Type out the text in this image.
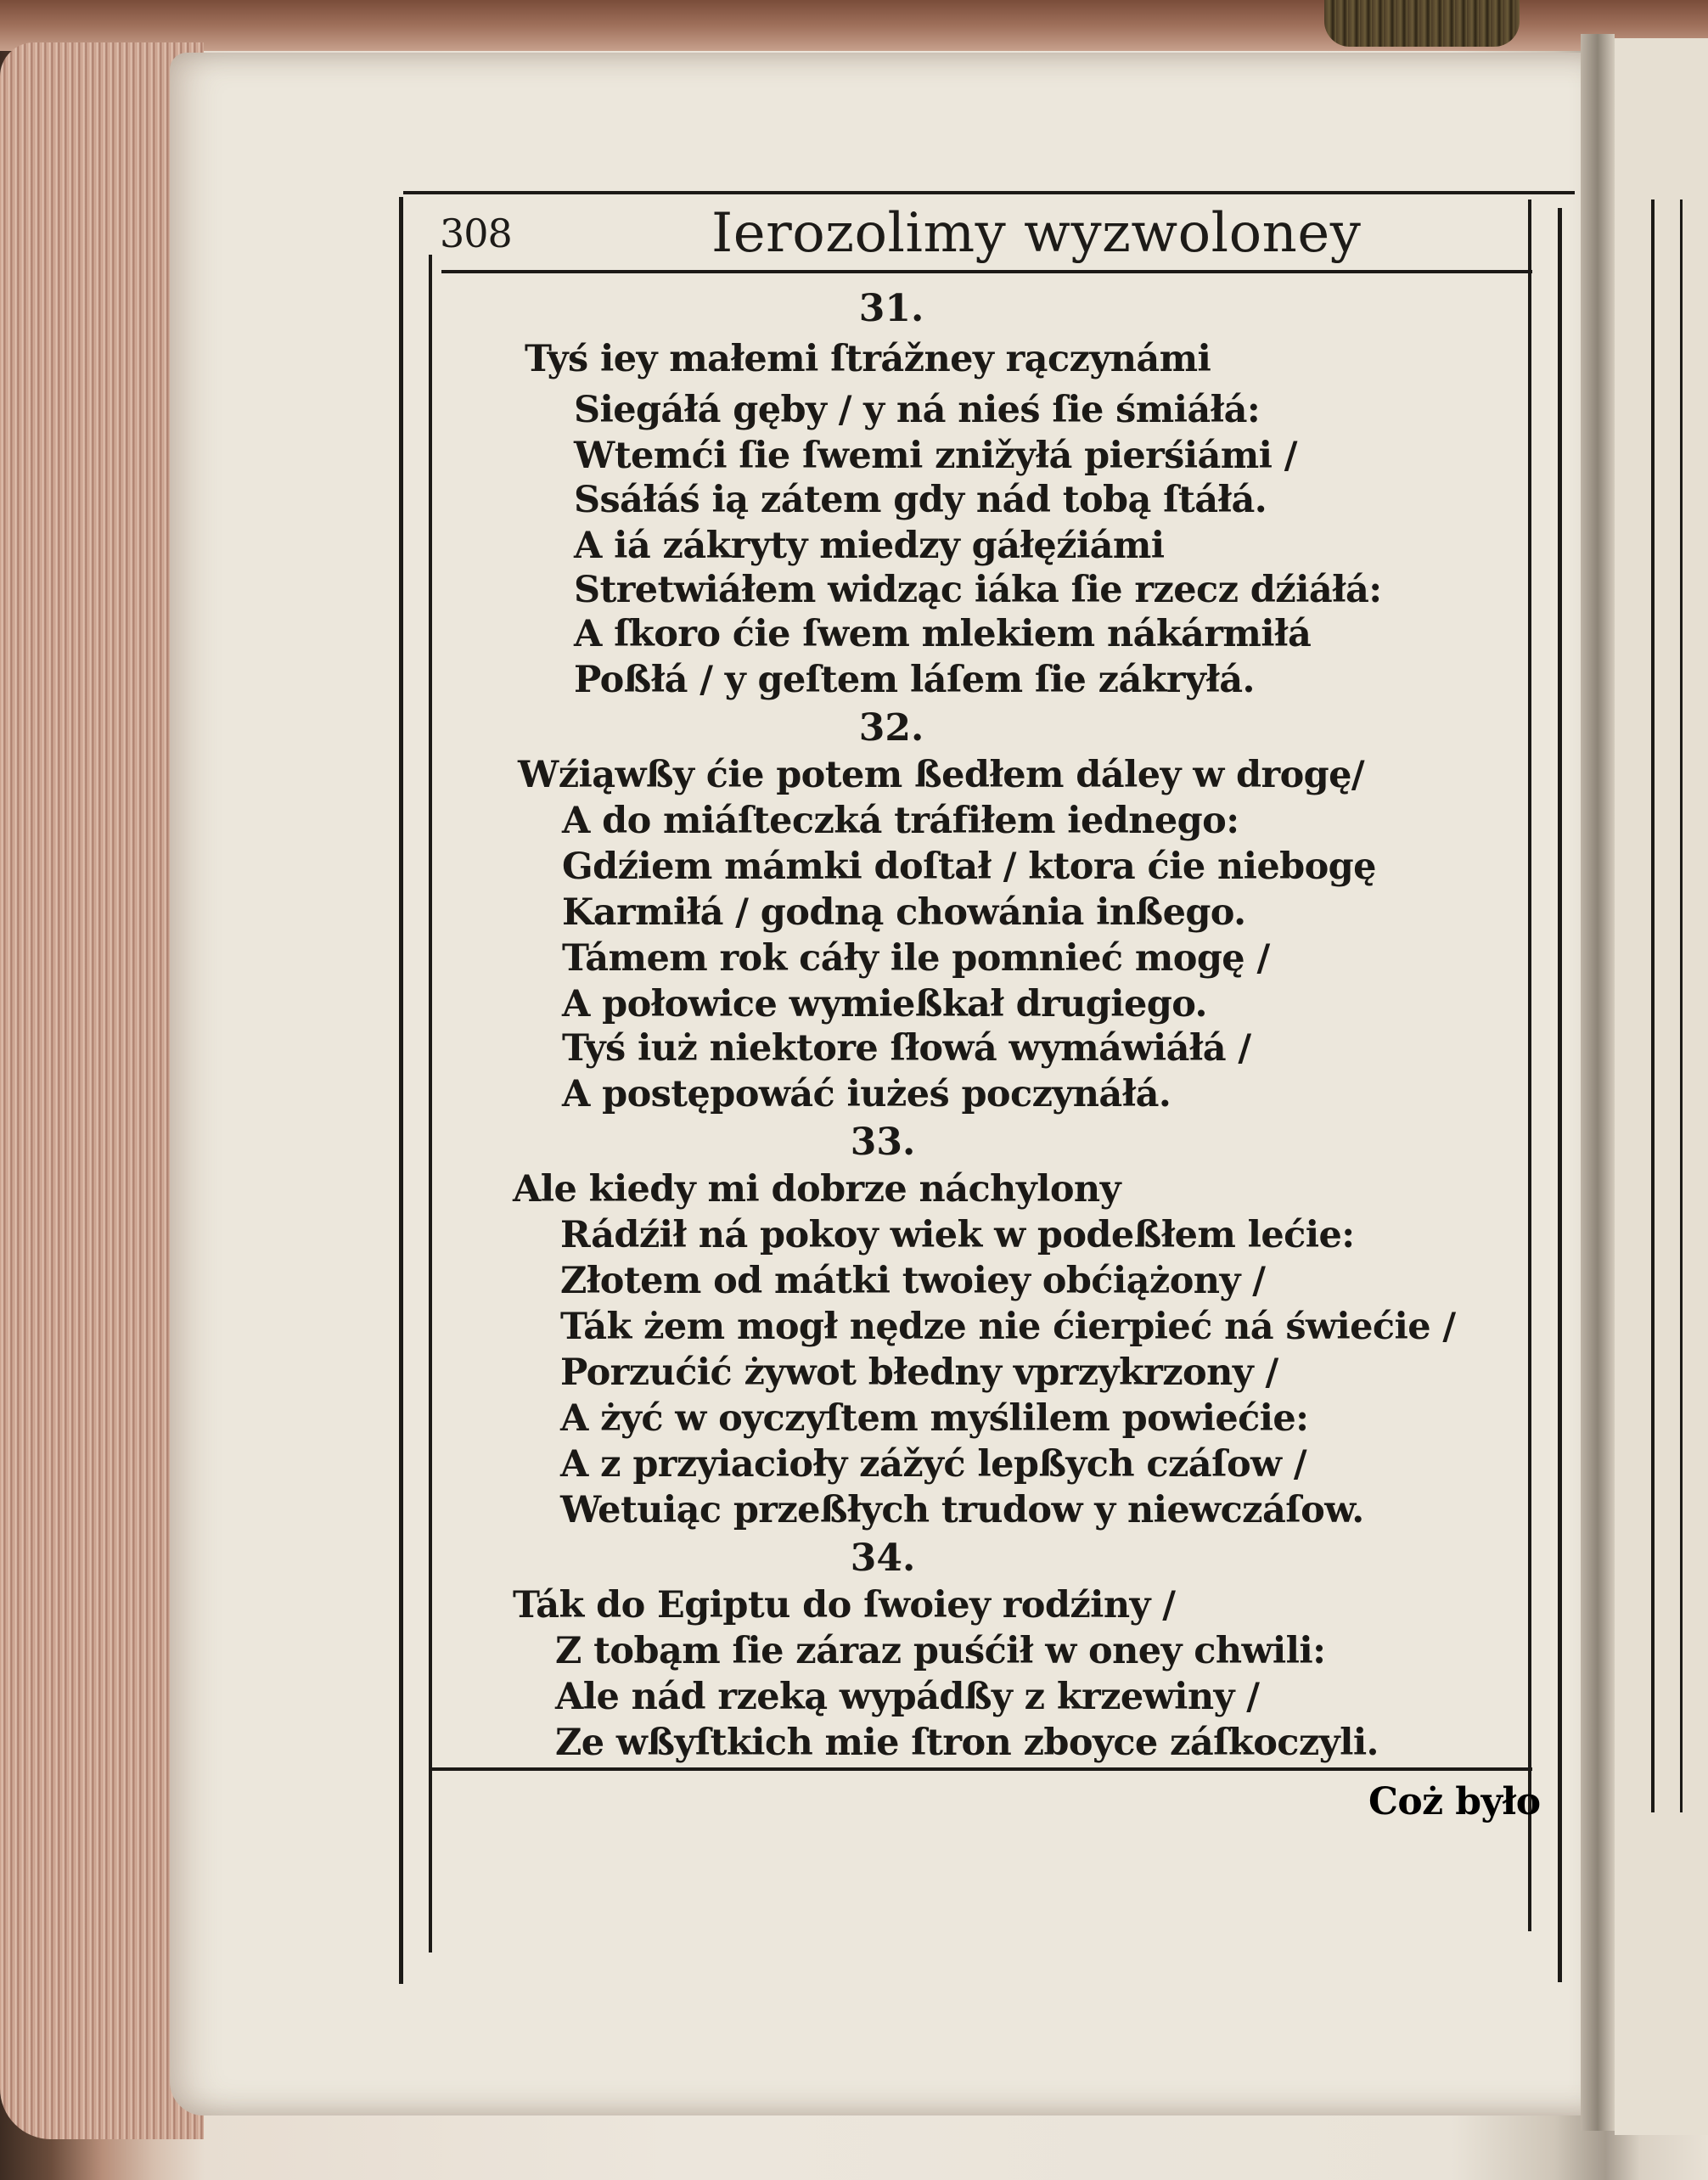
308	Ierozolimy wyzwoloney
31.
Tyś iey małemi ſtrážney rączynámi
Siegáłá gęby / y ná nieś ſie śmiáłá:
Wtemći ſie ſwemi znižyłá pierśiámi /
Ssáłáś ią zátem gdy nád tobą ſtáłá.
A iá zákryty miedzy gáłęźiámi
Stretwiáłem widząc iáka ſie rzecz dźiáłá:
A ſkoro ćie ſwem mlekiem nákármiłá
Poßłá / y geſtem láſem ſie zákryłá.
32.
Wźiąwßy ćie potem ßedłem dáley w drogę/
A do miáſteczká tráfiłem iednego:
Gdźiem mámki doſtał / ktora ćie niebogę
Karmiłá / godną chowánia inßego.
Támem rok cáły ile pomnieć mogę /
A połowice wymießkał drugiego.
Tyś iuż niektore ſłowá wymáwiáłá /
A postępowáć iużeś poczynáłá.
33.
Ale kiedy mi dobrze náchylony
Rádźił ná pokoy wiek w podeßłem lećie:
Złotem od mátki twoiey obćiążony /
Ták żem mogł nędze nie ćierpieć ná świećie /
Porzućić żywot błedny vprzykrzony /
A żyć w oyczyſtem myślilem powiećie:
A z przyiacioły zážyć lepßych czáſow /
Wetuiąc przeßłych trudow y niewczáſow.
34.
Ták do Egiptu do ſwoiey rodźiny /
Z tobąm ſie záraz puśćił w oney chwili:
Ale nád rzeką wypádßy z krzewiny /
Ze wßyſtkich mie ſtron zboyce záſkoczyli.
Coż było
